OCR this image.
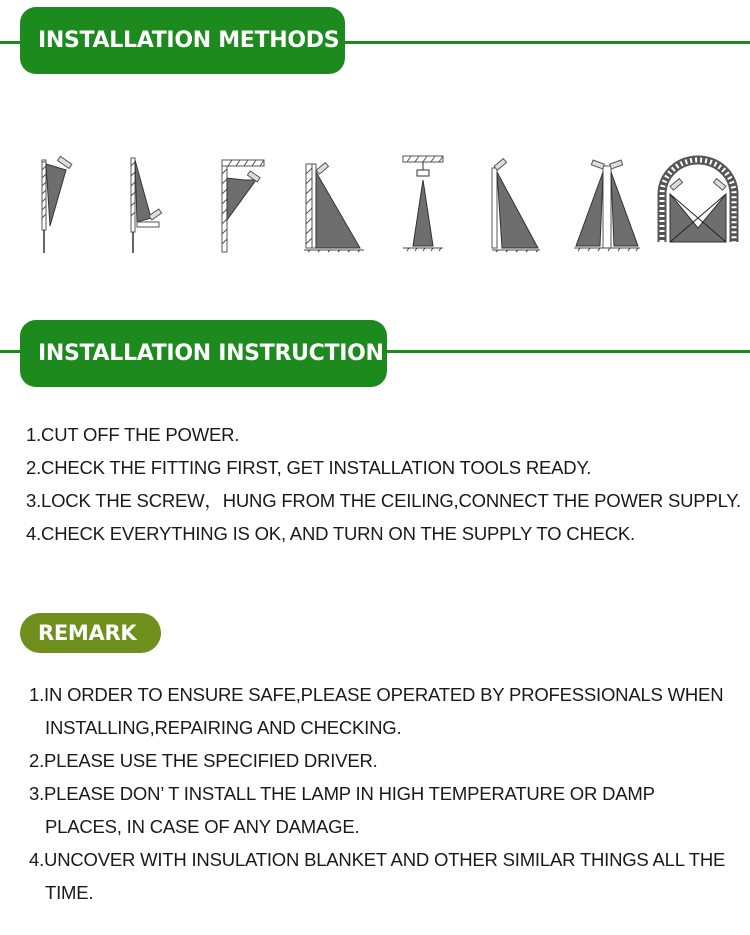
INSTALLATION METHODS
INSTALLATION INSTRUCTION
1.CUT OFF THE POWER.
2.CHECK THE FITTING FIRST, GET INSTALLATION TOOLS READY.
3.LOCK THE SCREW，HUNG FROM THE CEILING,CONNECT THE POWER SUPPLY.
4.CHECK EVERYTHING IS OK, AND TURN ON THE SUPPLY TO CHECK.
REMARK
1.IN ORDER TO ENSURE SAFE,PLEASE OPERATED BY PROFESSIONALS WHEN INSTALLING,REPAIRING AND CHECKING.
2.PLEASE USE THE SPECIFIED DRIVER.
3.PLEASE DON’ T INSTALL THE LAMP IN HIGH TEMPERATURE OR DAMP PLACES, IN CASE OF ANY DAMAGE.
4.UNCOVER WITH INSULATION BLANKET AND OTHER SIMILAR THINGS ALL THE TIME.
